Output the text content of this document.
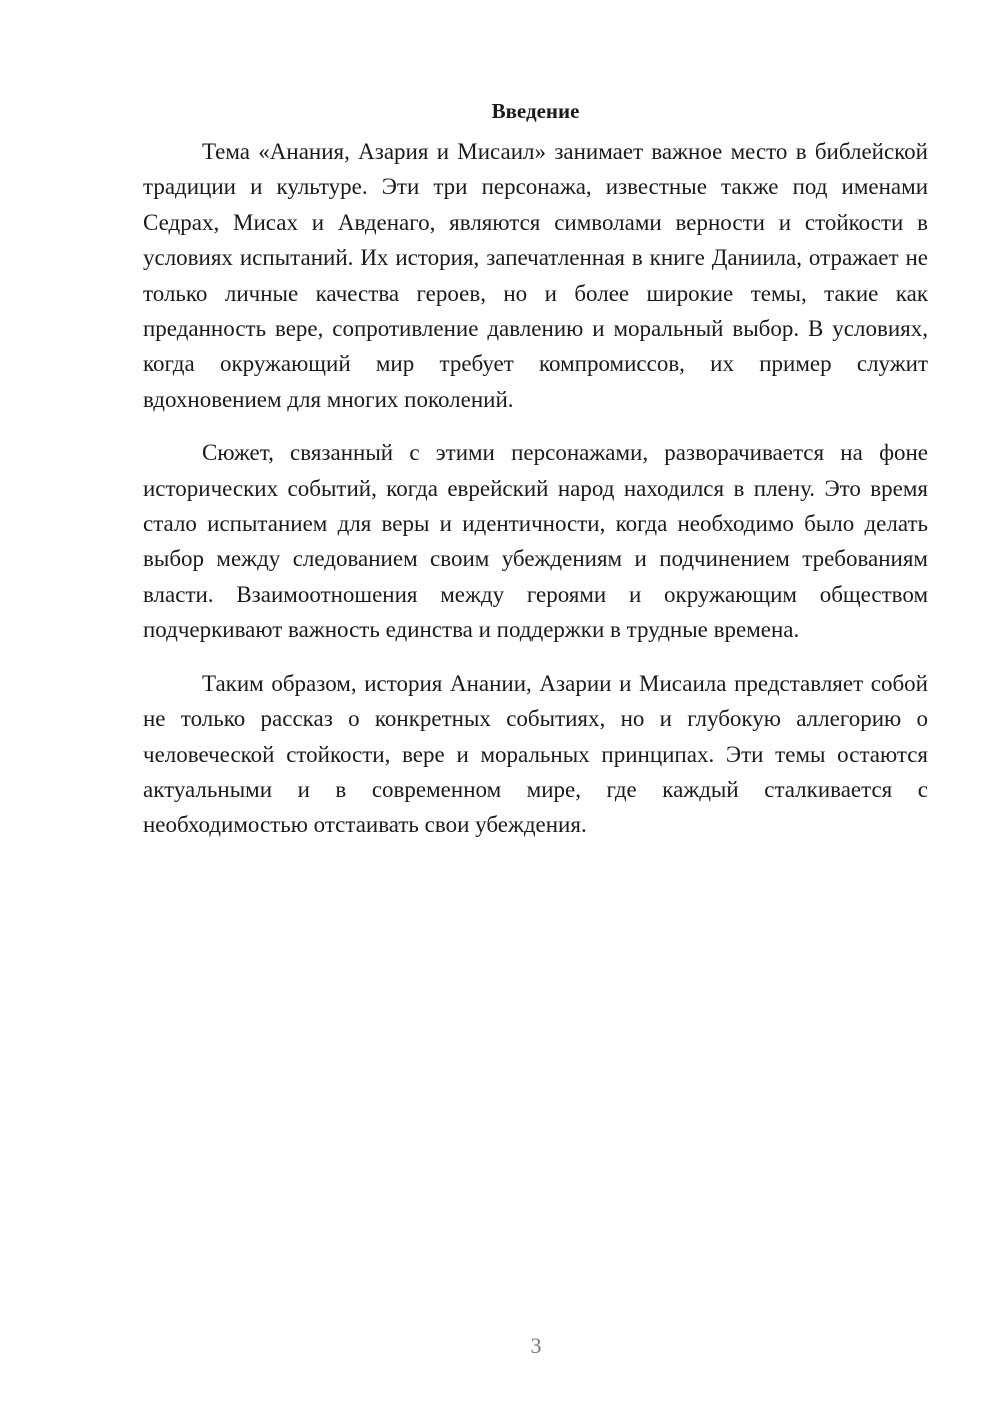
Введение

Тема «Анания, Азария и Мисаил» занимает важное место в библейской традиции и культуре. Эти три персонажа, известные также под именами Седрах, Мисах и Авденаго, являются символами верности и стойкости в условиях испытаний. Их история, запечатленная в книге Даниила, отражает не только личные качества героев, но и более широкие темы, такие как преданность вере, сопротивление давлению и моральный выбор. В условиях, когда окружающий мир требует компромиссов, их пример служит вдохновением для многих поколений.

Сюжет, связанный с этими персонажами, разворачивается на фоне исторических событий, когда еврейский народ находился в плену. Это время стало испытанием для веры и идентичности, когда необходимо было делать выбор между следованием своим убеждениям и подчинением требованиям власти. Взаимоотношения между героями и окружающим обществом подчеркивают важность единства и поддержки в трудные времена.

Таким образом, история Анании, Азарии и Мисаила представляет собой не только рассказ о конкретных событиях, но и глубокую аллегорию о человеческой стойкости, вере и моральных принципах. Эти темы остаются актуальными и в современном мире, где каждый сталкивается с необходимостью отстаивать свои убеждения.

3
